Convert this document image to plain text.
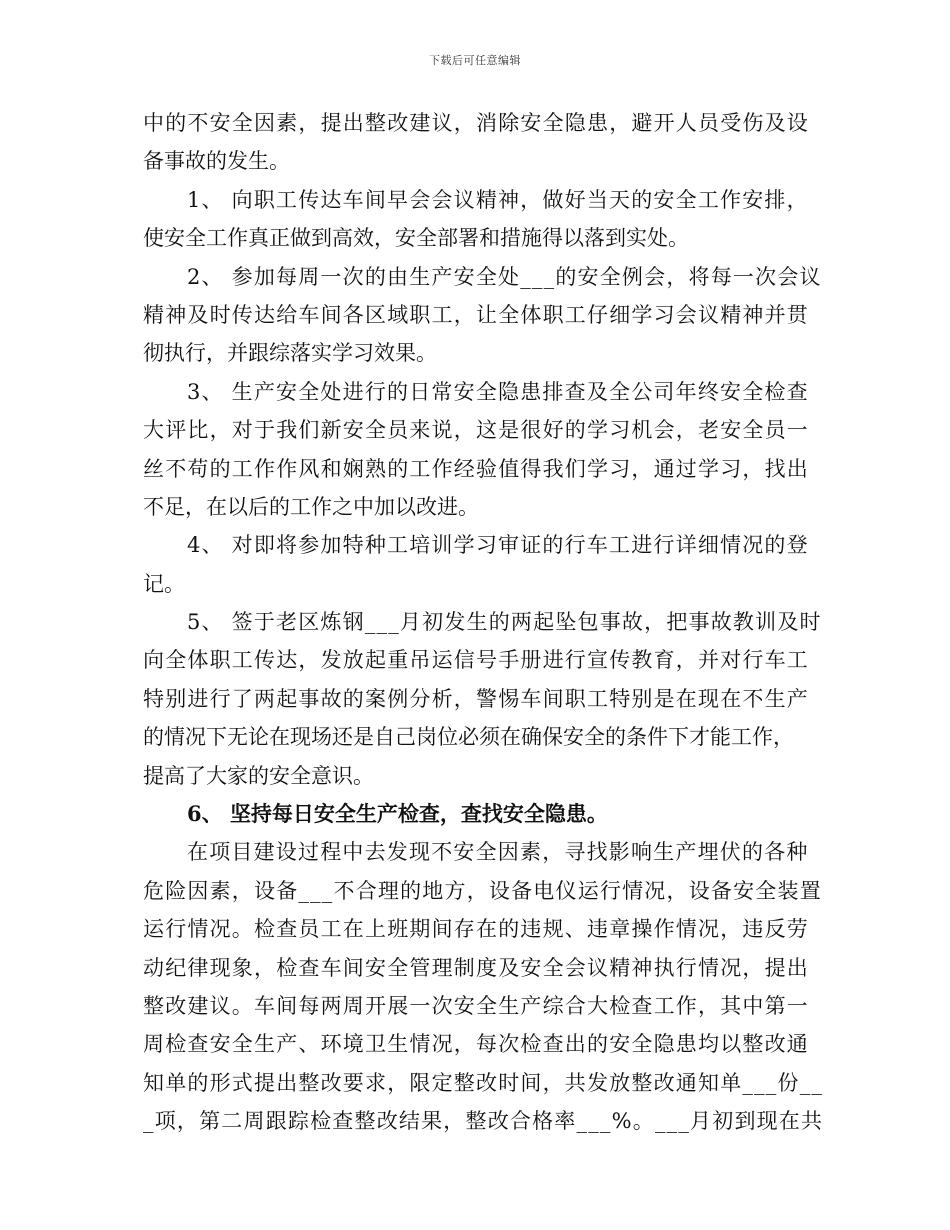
下载后可任意编辑
中的不安全因素，提出整改建议，消除安全隐患，避开人员受伤及设
备事故的发生。
1、 向职工传达车间早会会议精神，做好当天的安全工作安排，
使安全工作真正做到高效，安全部署和措施得以落到实处。
2、 参加每周一次的由生产安全处___的安全例会，将每一次会议
精神及时传达给车间各区域职工，让全体职工仔细学习会议精神并贯
彻执行，并跟综落实学习效果。
3、 生产安全处进行的日常安全隐患排查及全公司年终安全检查
大评比，对于我们新安全员来说，这是很好的学习机会，老安全员一
丝不苟的工作作风和娴熟的工作经验值得我们学习，通过学习，找出
不足，在以后的工作之中加以改进。
4、 对即将参加特种工培训学习审证的行车工进行详细情况的登
记。
5、 签于老区炼钢___月初发生的两起坠包事故，把事故教训及时
向全体职工传达，发放起重吊运信号手册进行宣传教育，并对行车工
特别进行了两起事故的案例分析，警惕车间职工特别是在现在不生产
的情况下无论在现场还是自己岗位必须在确保安全的条件下才能工作，
提高了大家的安全意识。
6、 坚持每日安全生产检查，查找安全隐患。
在项目建设过程中去发现不安全因素，寻找影响生产埋伏的各种
危险因素，设备___不合理的地方，设备电仪运行情况，设备安全装置
运行情况。检查员工在上班期间存在的违规、违章操作情况，违反劳
动纪律现象，检查车间安全管理制度及安全会议精神执行情况，提出
整改建议。车间每两周开展一次安全生产综合大检查工作，其中第一
周检查安全生产、环境卫生情况，每次检查出的安全隐患均以整改通
知单的形式提出整改要求，限定整改时间，共发放整改通知单___份__
_项，第二周跟踪检查整改结果，整改合格率___%。___月初到现在共
